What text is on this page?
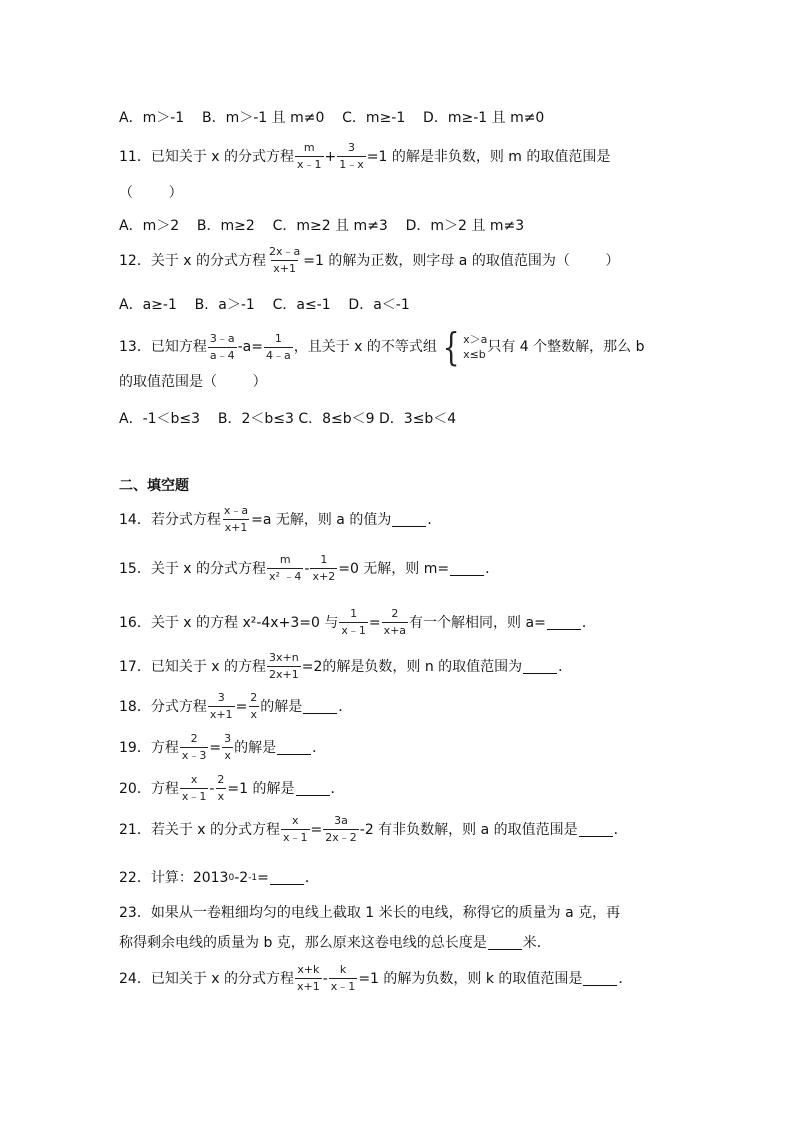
A．m＞-1    B．m＞-1 且 m≠0    C．m≥-1    D．m≥-1 且 m≠0
11．已知关于 x 的分式方程 $\frac{m}{x﹣1} + \frac{3}{1﹣x} =1$ 的解是非负数，则 m 的取值范围是
（        ）
A．m＞2    B．m≥2    C．m≥2 且 m≠3    D．m＞2 且 m≠3
12．关于 x 的分式方程 $\frac{2x﹣a}{x+1} =1$ 的解为正数，则字母 a 的取值范围为（        ）
A．a≥-1    B．a＞-1    C．a≤-1    D．a＜-1
13．已知方程 $\frac{3﹣a}{a﹣4} -a= \frac{1}{4﹣a}$ ，且关于 x 的不等式组 { x＞a
x≤b 只有 4 个整数解，那么 b
的取值范围是（        ）
A．-1＜b≤3    B．2＜b≤3 C．8≤b＜9 D．3≤b＜4
二、填空题
14．若分式方程 $\frac{x﹣a}{x+1} =a$ 无解，则 a 的值为	．
15．关于 x 的分式方程 $\frac{m}{\text{x² ﹣4}} - \frac{1}{x+2} =0$ 无解，则 m=	．
16．关于 x 的方程 x²-4x+3=0 与 $\frac{1}{x﹣1} = \frac{2}{x+a}$ 有一个解相同，则 a=	．
17．已知关于 x 的方程 $\frac{3x+n}{2x+1} =2$的解是负数，则 n 的取值范围为	．
18．分式方程 $\frac{3}{x+1} = \frac{2}{x}$ 的解是	．
19．方程 $\frac{2}{x﹣3} = \frac{3}{x}$ 的解是	．
20．方程 $\frac{x}{x﹣1} - \frac{2}{x} =1$ 的解是	．
21．若关于 x 的分式方程 $\frac{x}{x﹣1} = \frac{3a}{2x﹣2} -2$ 有非负数解，则 a 的取值范围是	．
22．计算：2013 0 -2 -1 =	．
23．如果从一卷粗细均匀的电线上截取 1 米长的电线，称得它的质量为 a 克，再
称得剩余电线的质量为 b 克，那么原来这卷电线的总长度是	米．
24．已知关于 x 的分式方程 $\frac{x+k}{x+1} - \frac{k}{x﹣1} =1$ 的解为负数，则 k 的取值范围是	．
